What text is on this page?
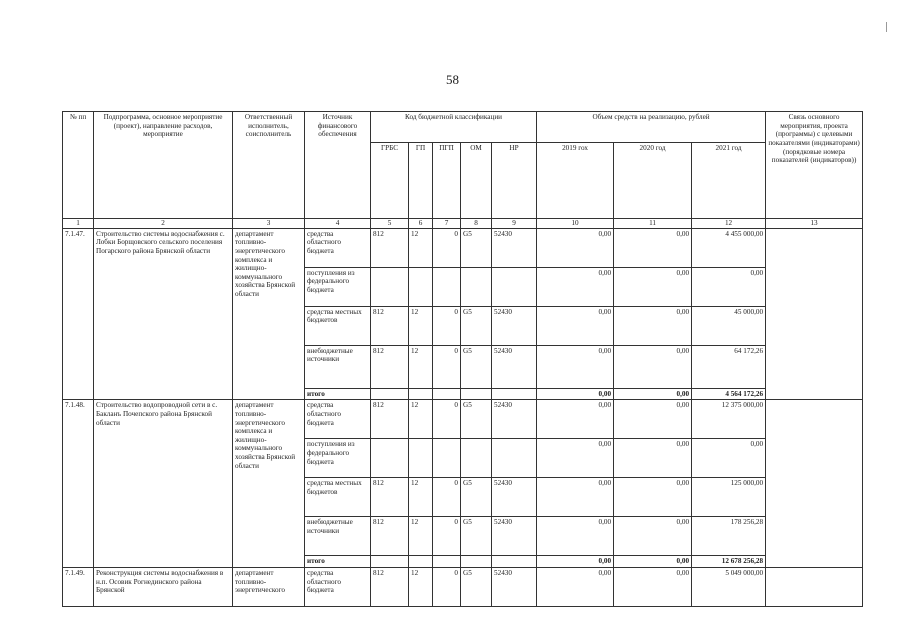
58
№ пп	Подпрограмма, основное мероприятие (проект), направление расходов, мероприятие	Ответственный исполнитель, соисполнитель	Источник финансового обеспечения	Код бюджетной классификации					Объем средств на реализацию, рублей			Связь основного мероприятия, проекта (программы) с целевыми показателями (индикаторами) (порядковые номера показателей (индикаторов))
				ГРБС	ГП	ПГП	ОМ	НР	2019 гох	2020 год	2021 год	
1	2	3	4	5	6	7	8	9	10	11	12	13
7.1.47.	Строительство системы водоснабжения с. Лобки Борщовского сельского поселения Погарского района Брянской области	департамент топливно-энергетического комплекса и жилищно-коммунального хозяйства Брянской области	средства областного бюджета	812	12	0	G5	52430	0,00	0,00	4 455 000,00	
			поступления из федерального бюджета						0,00	0,00	0,00	
			средства местных бюджетов	812	12	0	G5	52430	0,00	0,00	45 000,00	
			внебюджетные источники	812	12	0	G5	52430	0,00	0,00	64 172,26	
			итого						0,00	0,00	4 564 172,26	
7.1.48.	Строительство водопроводной сети в с. Бакланъ Почепского района Брянской области	департамент топливно-энергетического комплекса и жилищно-коммунального хозяйства Брянской области	средства областного бюджета	812	12	0	G5	52430	0,00	0,00	12 375 000,00	
			поступления из федерального бюджета						0,00	0,00	0,00	
			средства местных бюджетов	812	12	0	G5	52430	0,00	0,00	125 000,00	
			внебюджетные источники	812	12	0	G5	52430	0,00	0,00	178 256,28	
			итого						0,00	0,00	12 678 256,28	
7.1.49.	Реконструкция системы водоснабжения в н.п. Осовик Рогнединского района Брянской	департамент топливно-энергетического	средства областного бюджета	812	12	0	G5	52430	0,00	0,00	5 049 000,00	
